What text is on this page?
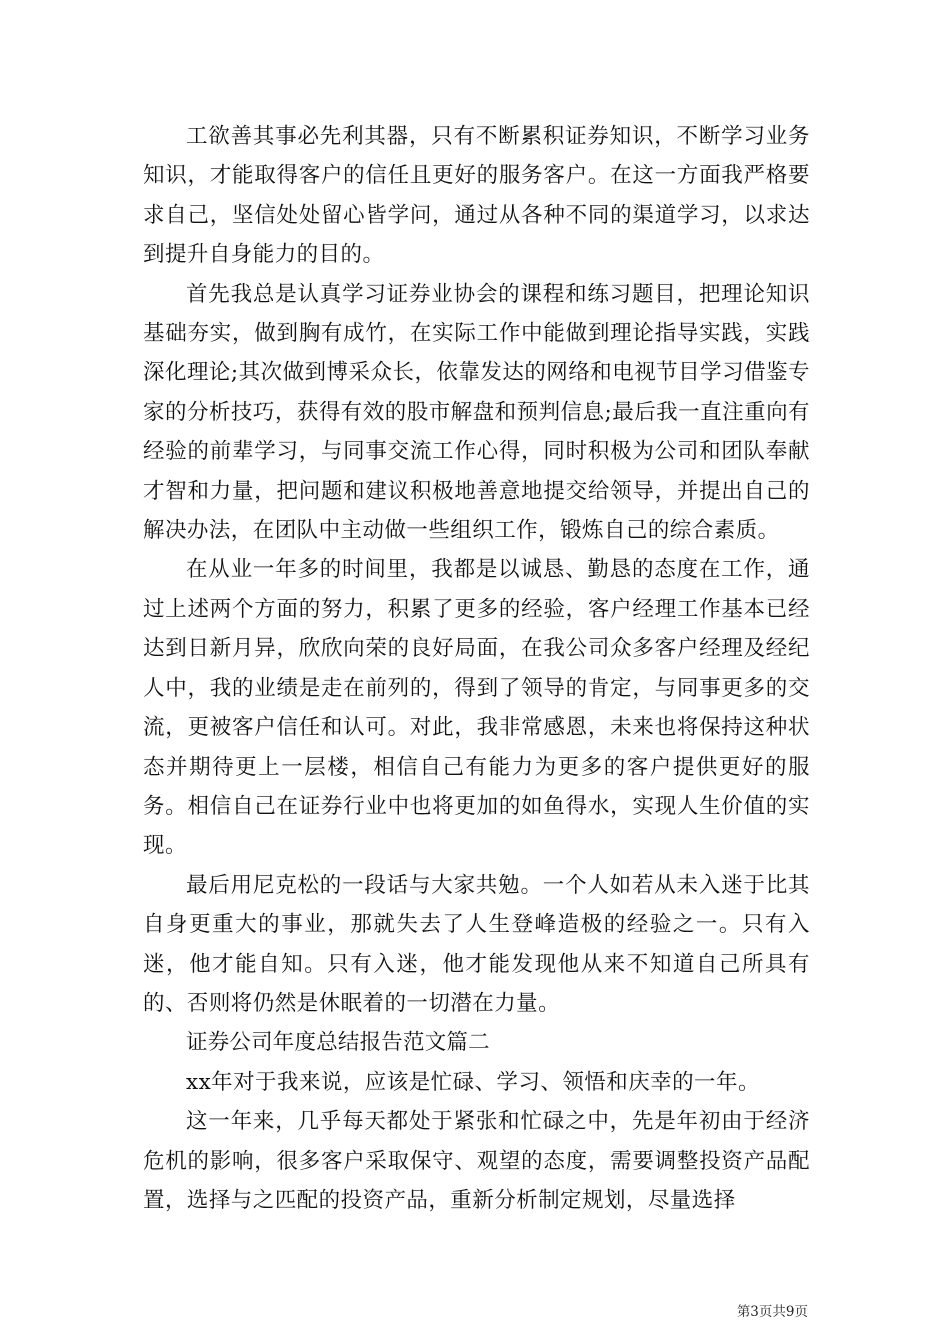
工欲善其事必先利其器，只有不断累积证券知识，不断学习业务知识，才能取得客户的信任且更好的服务客户。在这一方面我严格要求自己，坚信处处留心皆学问，通过从各种不同的渠道学习，以求达到提升自身能力的目的。

首先我总是认真学习证券业协会的课程和练习题目，把理论知识基础夯实，做到胸有成竹，在实际工作中能做到理论指导实践，实践深化理论;其次做到博采众长，依靠发达的网络和电视节目学习借鉴专家的分析技巧，获得有效的股市解盘和预判信息;最后我一直注重向有经验的前辈学习，与同事交流工作心得，同时积极为公司和团队奉献才智和力量，把问题和建议积极地善意地提交给领导，并提出自己的解决办法，在团队中主动做一些组织工作，锻炼自己的综合素质。

在从业一年多的时间里，我都是以诚恳、勤恳的态度在工作，通过上述两个方面的努力，积累了更多的经验，客户经理工作基本已经达到日新月异，欣欣向荣的良好局面，在我公司众多客户经理及经纪人中，我的业绩是走在前列的，得到了领导的肯定，与同事更多的交流，更被客户信任和认可。对此，我非常感恩，未来也将保持这种状态并期待更上一层楼，相信自己有能力为更多的客户提供更好的服务。相信自己在证券行业中也将更加的如鱼得水，实现人生价值的实现。

最后用尼克松的一段话与大家共勉。一个人如若从未入迷于比其自身更重大的事业，那就失去了人生登峰造极的经验之一。只有入迷，他才能自知。只有入迷，他才能发现他从来不知道自己所具有的、否则将仍然是休眠着的一切潜在力量。

证券公司年度总结报告范文篇二

xx年对于我来说，应该是忙碌、学习、领悟和庆幸的一年。

这一年来，几乎每天都处于紧张和忙碌之中，先是年初由于经济危机的影响，很多客户采取保守、观望的态度，需要调整投资产品配置，选择与之匹配的投资产品，重新分析制定规划，尽量选择

第3页共9页
